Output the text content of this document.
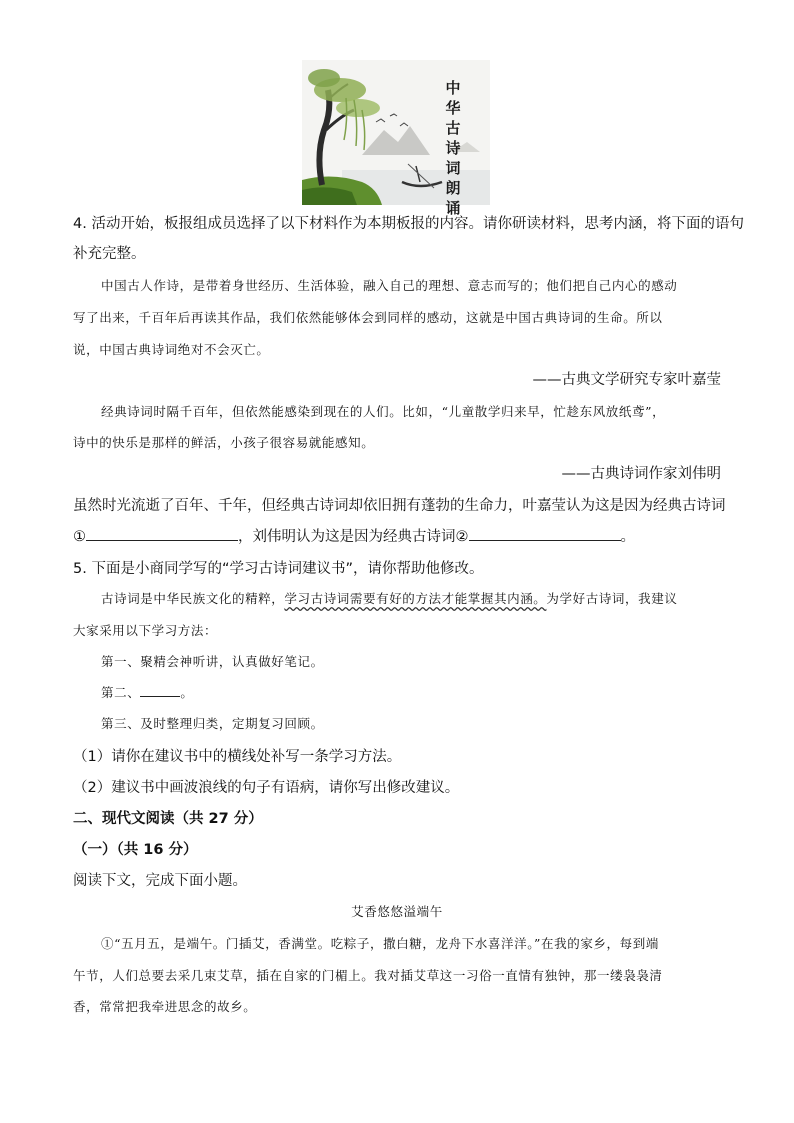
中华古诗词朗诵
4. 活动开始，板报组成员选择了以下材料作为本期板报的内容。请你研读材料，思考内涵，将下面的语句
补充完整。
中国古人作诗，是带着身世经历、生活体验，融入自己的理想、意志而写的；他们把自己内心的感动
写了出来，千百年后再读其作品，我们依然能够体会到同样的感动，这就是中国古典诗词的生命。所以
说，中国古典诗词绝对不会灭亡。
——古典文学研究专家叶嘉莹
经典诗词时隔千百年，但依然能感染到现在的人们。比如，“儿童散学归来早，忙趁东风放纸鸢”，
诗中的快乐是那样的鲜活，小孩子很容易就能感知。
——古典诗词作家刘伟明
虽然时光流逝了百年、千年，但经典古诗词却依旧拥有蓬勃的生命力，叶嘉莹认为这是因为经典古诗词
①	，刘伟明认为这是因为经典古诗词②	。
5. 下面是小商同学写的“学习古诗词建议书”，请你帮助他修改。
古诗词是中华民族文化的精粹，学习古诗词需要有好的方法才能掌握其内涵。为学好古诗词，我建议
大家采用以下学习方法：
第一、聚精会神听讲，认真做好笔记。
第二、	。
第三、及时整理归类，定期复习回顾。
（1）请你在建议书中的横线处补写一条学习方法。
（2）建议书中画波浪线的句子有语病，请你写出修改建议。
二、现代文阅读（共 27 分）
（一）（共 16 分）
阅读下文，完成下面小题。
艾香悠悠溢端午
①“五月五，是端午。门插艾，香满堂。吃粽子，撒白糖，龙舟下水喜洋洋。”在我的家乡，每到端
午节，人们总要去采几束艾草，插在自家的门楣上。我对插艾草这一习俗一直情有独钟，那一缕袅袅清
香，常常把我牵进思念的故乡。
